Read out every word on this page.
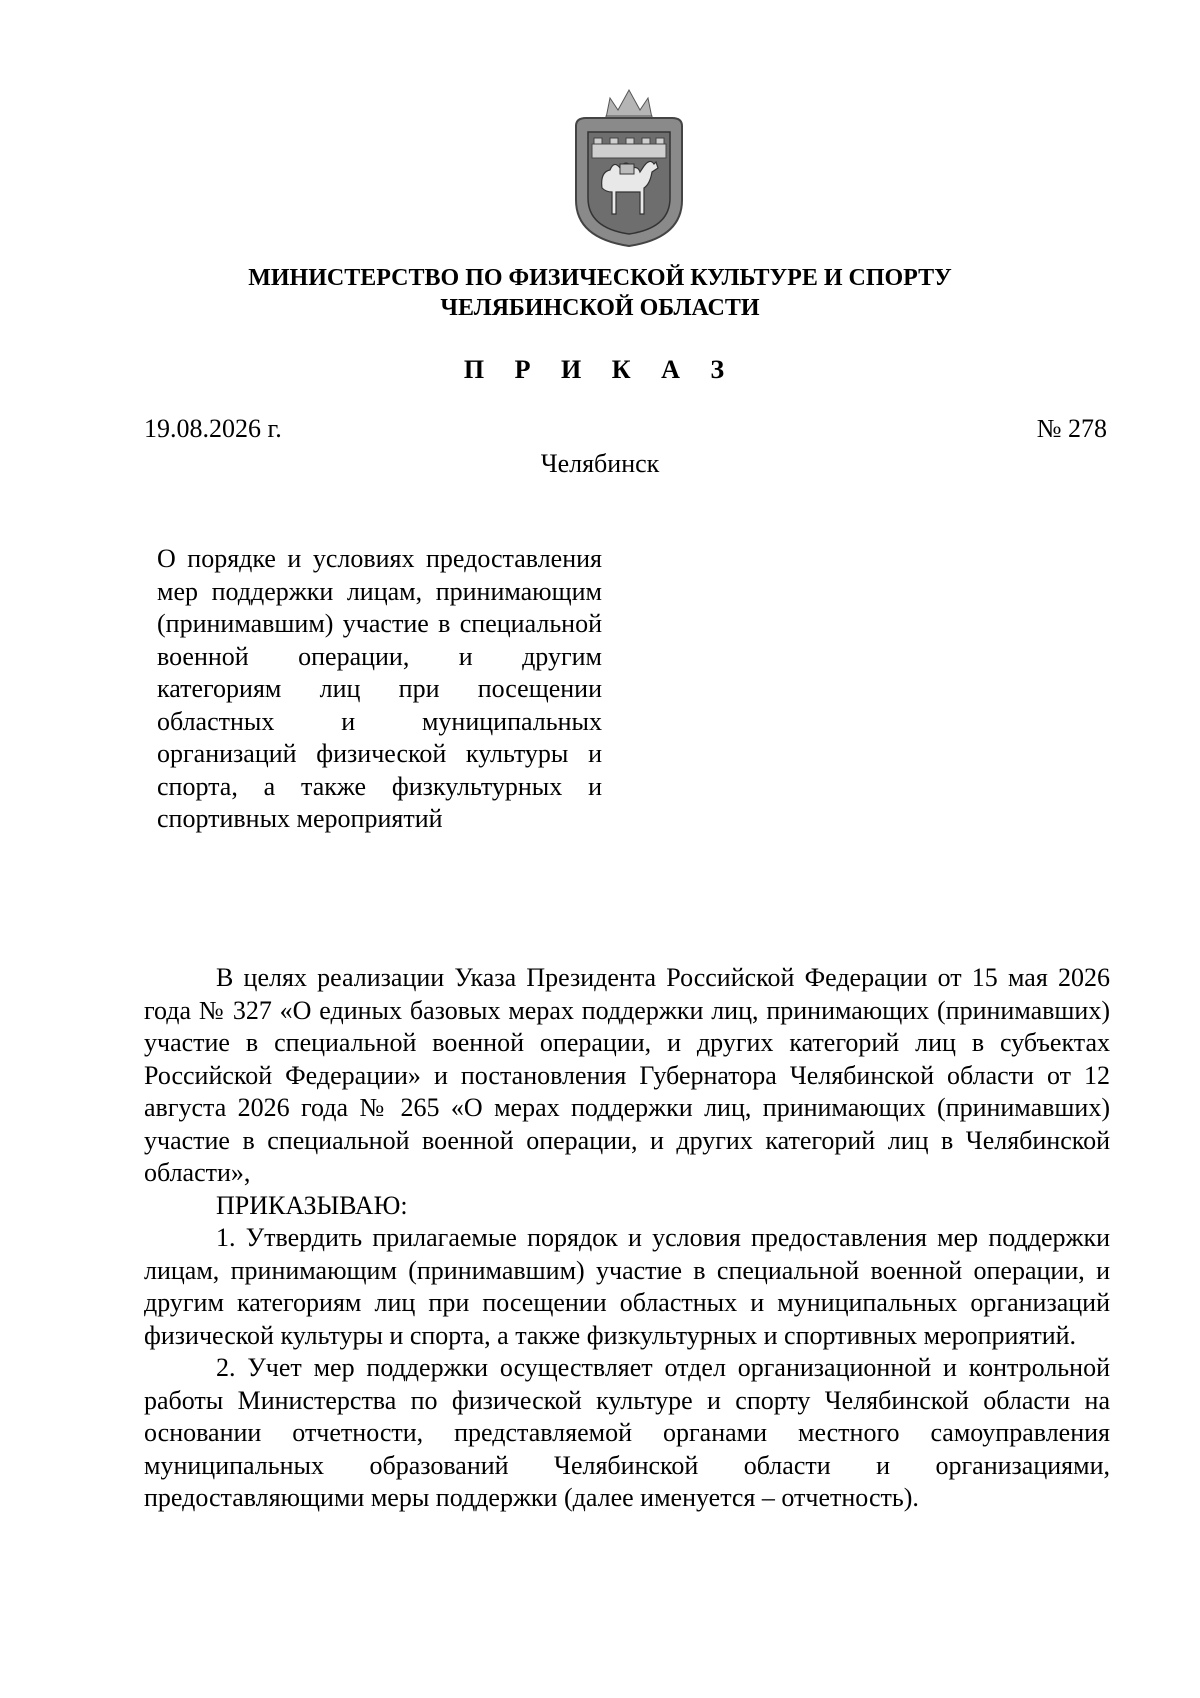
МИНИСТЕРСТВО ПО ФИЗИЧЕСКОЙ КУЛЬТУРЕ И СПОРТУ
ЧЕЛЯБИНСКОЙ ОБЛАСТИ
П Р И К А З
19.08.2026 г.	№ 278
Челябинск
О порядке и условиях предоставления мер поддержки лицам, принимающим (принимавшим) участие в специальной военной операции, и другим категориям лиц при посещении областных и муниципальных организаций физической культуры и спорта, а также физкультурных и спортивных мероприятий

В целях реализации Указа Президента Российской Федерации от 15 мая 2026 года № 327 «О единых базовых мерах поддержки лиц, принимающих (принимавших) участие в специальной военной операции, и других категорий лиц в субъектах Российской Федерации» и постановления Губернатора Челябинской области от 12 августа 2026 года № 265 «О мерах поддержки лиц, принимающих (принимавших) участие в специальной военной операции, и других категорий лиц в Челябинской области»,

ПРИКАЗЫВАЮ:

1. Утвердить прилагаемые порядок и условия предоставления мер поддержки лицам, принимающим (принимавшим) участие в специальной военной операции, и другим категориям лиц при посещении областных и муниципальных организаций физической культуры и спорта, а также физкультурных и спортивных мероприятий.

2. Учет мер поддержки осуществляет отдел организационной и контрольной работы Министерства по физической культуре и спорту Челябинской области на основании отчетности, представляемой органами местного самоуправления муниципальных образований Челябинской области и организациями, предоставляющими меры поддержки (далее именуется – отчетность).
